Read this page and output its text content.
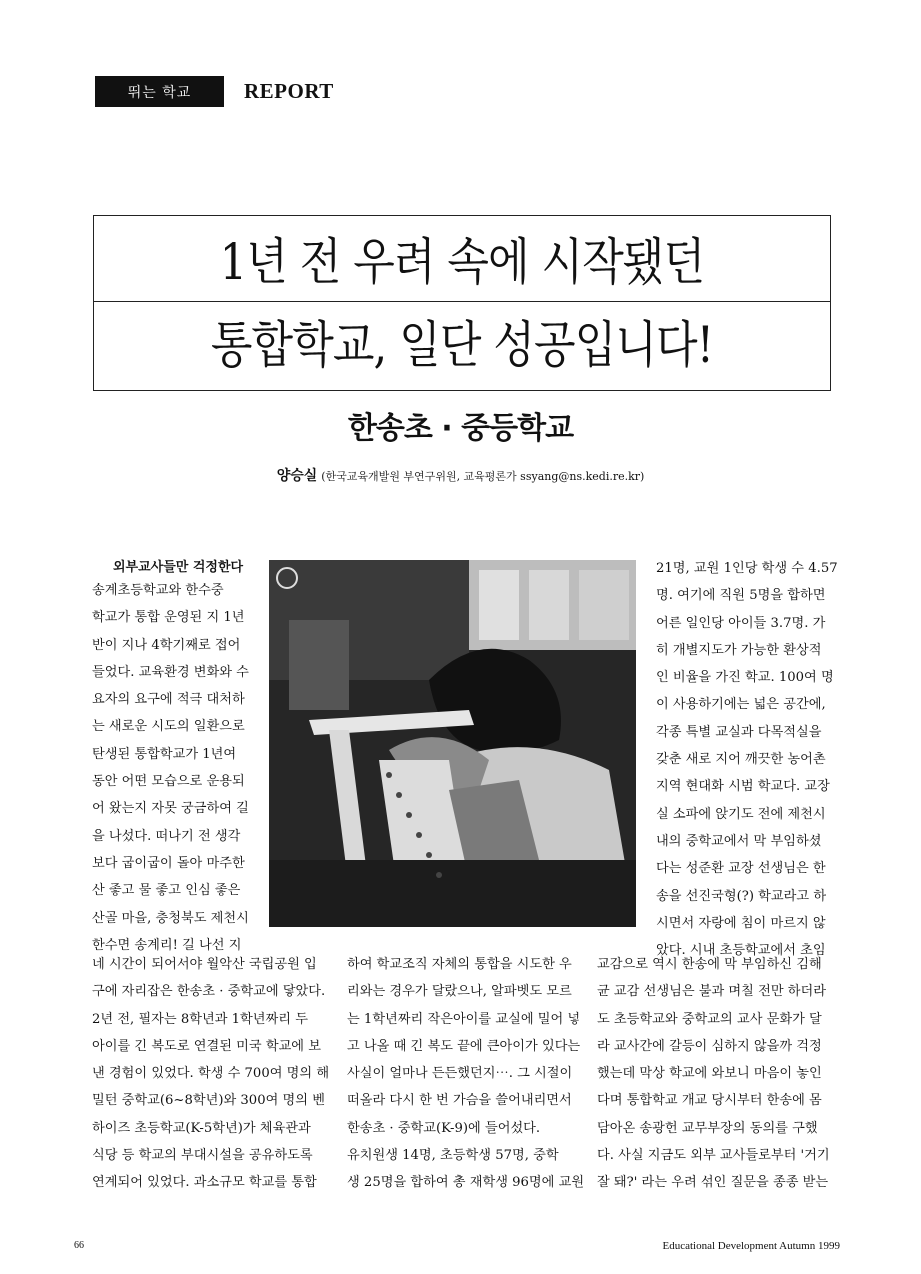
뛰는 학교	REPORT
1년 전 우려 속에 시작됐던
통합학교, 일단 성공입니다!
한송초 · 중등학교
양승실 (한국교육개발원 부연구위원, 교육평론가 ssyang@ns.kedi.re.kr)
외부교사들만 걱정한다
송계초등학교와 한수중
학교가 통합 운영된 지 1년
반이 지나 4학기째로 접어
들었다. 교육환경 변화와 수
요자의 요구에 적극 대처하
는 새로운 시도의 일환으로
탄생된 통합학교가 1년여
동안 어떤 모습으로 운용되
어 왔는지 자못 궁금하여 길
을 나섰다. 떠나기 전 생각
보다 굽이굽이 돌아 마주한
산 좋고 물 좋고 인심 좋은
산골 마을, 충청북도 제천시
한수면 송계리! 길 나선 지
네 시간이 되어서야 월악산 국립공원 입
구에 자리잡은 한송초 · 중학교에 닿았다.
2년 전, 필자는 8학년과 1학년짜리 두
아이를 긴 복도로 연결된 미국 학교에 보
낸 경험이 있었다. 학생 수 700여 명의 해
밀턴 중학교(6~8학년)와 300여 명의 벤
하이즈 초등학교(K-5학년)가 체육관과
식당 등 학교의 부대시설을 공유하도록
연계되어 있었다. 과소규모 학교를 통합
하여 학교조직 자체의 통합을 시도한 우
리와는 경우가 달랐으나, 알파벳도 모르
는 1학년짜리 작은아이를 교실에 밀어 넣
고 나올 때 긴 복도 끝에 큰아이가 있다는
사실이 얼마나 든든했던지⋯. 그 시절이
떠올라 다시 한 번 가슴을 쓸어내리면서
한송초 · 중학교(K-9)에 들어섰다.
유치원생 14명, 초등학생 57명, 중학
생 25명을 합하여 총 재학생 96명에 교원
21명, 교원 1인당 학생 수 4.57
명. 여기에 직원 5명을 합하면
어른 일인당 아이들 3.7명. 가
히 개별지도가 가능한 환상적
인 비율을 가진 학교. 100여 명
이 사용하기에는 넓은 공간에,
각종 특별 교실과 다목적실을
갖춘 새로 지어 깨끗한 농어촌
지역 현대화 시범 학교다. 교장
실 소파에 앉기도 전에 제천시
내의 중학교에서 막 부임하셨
다는 성준환 교장 선생님은 한
송을 선진국형(?) 학교라고 하
시면서 자랑에 침이 마르지 않
았다. 시내 초등학교에서 초임
교감으로 역시 한송에 막 부임하신 김해
균 교감 선생님은 불과 며칠 전만 하더라
도 초등학교와 중학교의 교사 문화가 달
라 교사간에 갈등이 심하지 않을까 걱정
했는데 막상 학교에 와보니 마음이 놓인
다며 통합학교 개교 당시부터 한송에 몸
담아온 송광헌 교무부장의 동의를 구했
다. 사실 지금도 외부 교사들로부터 '거기
잘 돼?' 라는 우려 섞인 질문을 종종 받는
66	Educational Development Autumn 1999
